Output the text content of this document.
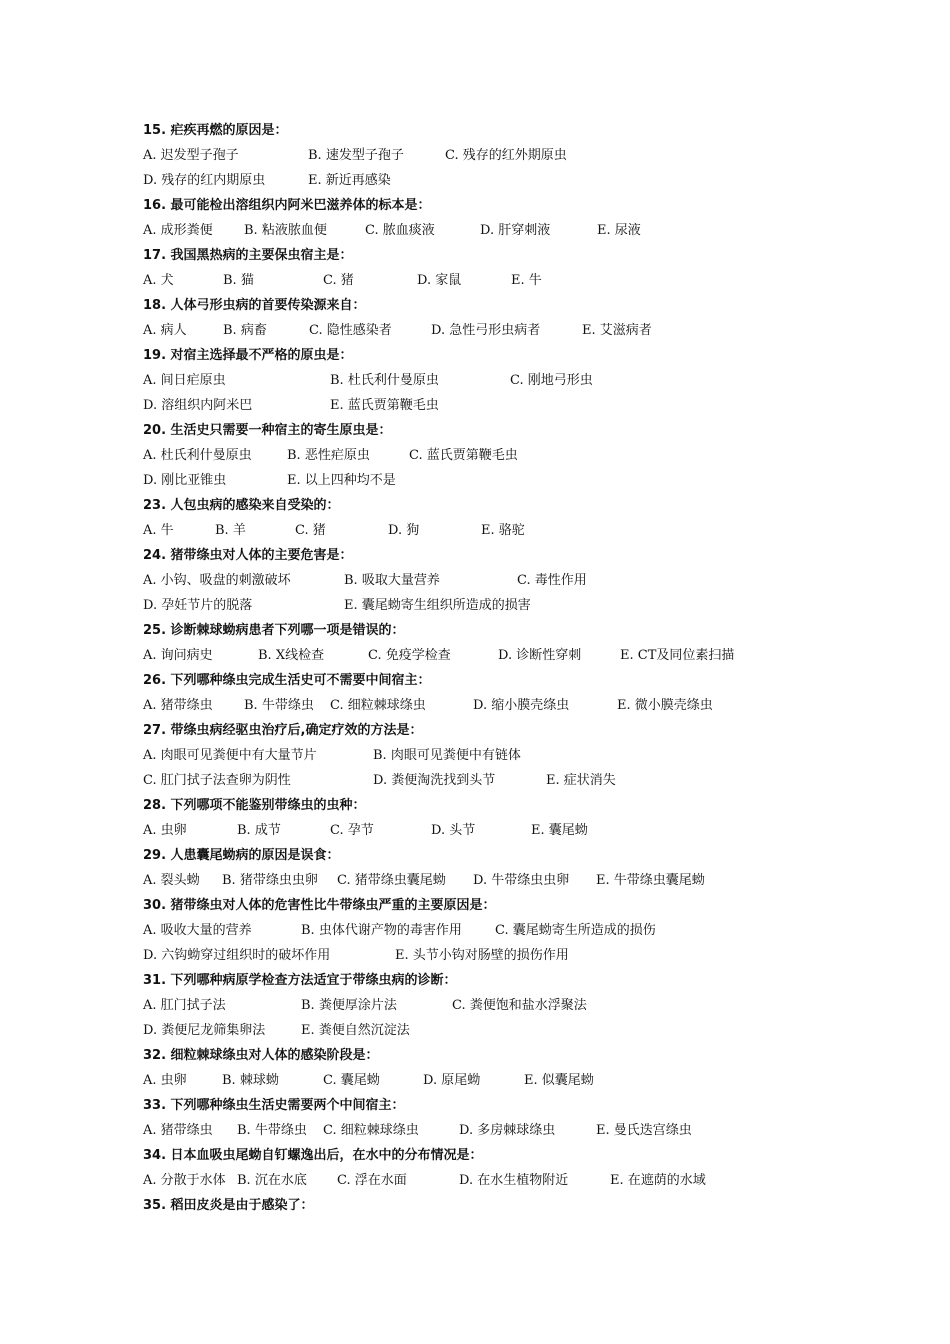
15. 疟疾再燃的原因是：
A. 迟发型子孢子	B. 速发型子孢子	C. 残存的红外期原虫
D. 残存的红内期原虫	E. 新近再感染
16. 最可能检出溶组织内阿米巴滋养体的标本是：
A. 成形粪便 B. 粘液脓血便	C. 脓血痰液	D. 肝穿刺液	E. 尿液
17. 我国黑热病的主要保虫宿主是：
A. 犬	B. 猫	C. 猪	D. 家鼠	E. 牛
18. 人体弓形虫病的首要传染源来自：
A. 病人	B. 病畜	C. 隐性感染者	D. 急性弓形虫病者	E. 艾滋病者
19. 对宿主选择最不严格的原虫是：
A. 间日疟原虫	B. 杜氏利什曼原虫	C. 刚地弓形虫
D. 溶组织内阿米巴	E. 蓝氏贾第鞭毛虫
20. 生活史只需要一种宿主的寄生原虫是：
A. 杜氏利什曼原虫	B. 恶性疟原虫	C. 蓝氏贾第鞭毛虫
D. 刚比亚锥虫	E. 以上四种均不是
23. 人包虫病的感染来自受染的：
A. 牛	B. 羊	C. 猪	D. 狗	E. 骆驼
24. 猪带绦虫对人体的主要危害是：
A. 小钩、吸盘的刺激破坏	B. 吸取大量营养	C. 毒性作用
D. 孕妊节片的脱落	E. 囊尾蚴寄生组织所造成的损害
25. 诊断棘球蚴病患者下列哪一项是错误的：
A. 询问病史	B. X线检查	C. 免疫学检查	D. 诊断性穿刺	E. CT及同位素扫描
26. 下列哪种绦虫完成生活史可不需要中间宿主：
A. 猪带绦虫 B. 牛带绦虫 C. 细粒棘球绦虫	D. 缩小膜壳绦虫	E. 微小膜壳绦虫
27. 带绦虫病经驱虫治疗后,确定疗效的方法是：
A. 肉眼可见粪便中有大量节片	B. 肉眼可见粪便中有链体
C. 肛门拭子法查卵为阴性	D. 粪便淘洗找到头节	E. 症状消失
28. 下列哪项不能鉴别带绦虫的虫种：
A. 虫卵	B. 成节	C. 孕节	D. 头节	E. 囊尾蚴
29. 人患囊尾蚴病的原因是误食：
A. 裂头蚴 B. 猪带绦虫虫卵 C. 猪带绦虫囊尾蚴 D. 牛带绦虫虫卵 E. 牛带绦虫囊尾蚴
30. 猪带绦虫对人体的危害性比牛带绦虫严重的主要原因是：
A. 吸收大量的营养	B. 虫体代谢产物的毒害作用	C. 囊尾蚴寄生所造成的损伤
D. 六钩蚴穿过组织时的破坏作用	E. 头节小钩对肠壁的损伤作用
31. 下列哪种病原学检查方法适宜于带绦虫病的诊断：
A. 肛门拭子法	B. 粪便厚涂片法	C. 粪便饱和盐水浮聚法
D. 粪便尼龙筛集卵法	E. 粪便自然沉淀法
32. 细粒棘球绦虫对人体的感染阶段是：
A. 虫卵	B. 棘球蚴	C. 囊尾蚴	D. 原尾蚴	E. 似囊尾蚴
33. 下列哪种绦虫生活史需要两个中间宿主：
A. 猪带绦虫 B. 牛带绦虫 C. 细粒棘球绦虫	D. 多房棘球绦虫	E. 曼氏迭宫绦虫
34. 日本血吸虫尾蚴自钉螺逸出后，在水中的分布情况是：
A. 分散于水体 B. 沉在水底 C. 浮在水面	D. 在水生植物附近	E. 在遮荫的水域
35. 稻田皮炎是由于感染了：
